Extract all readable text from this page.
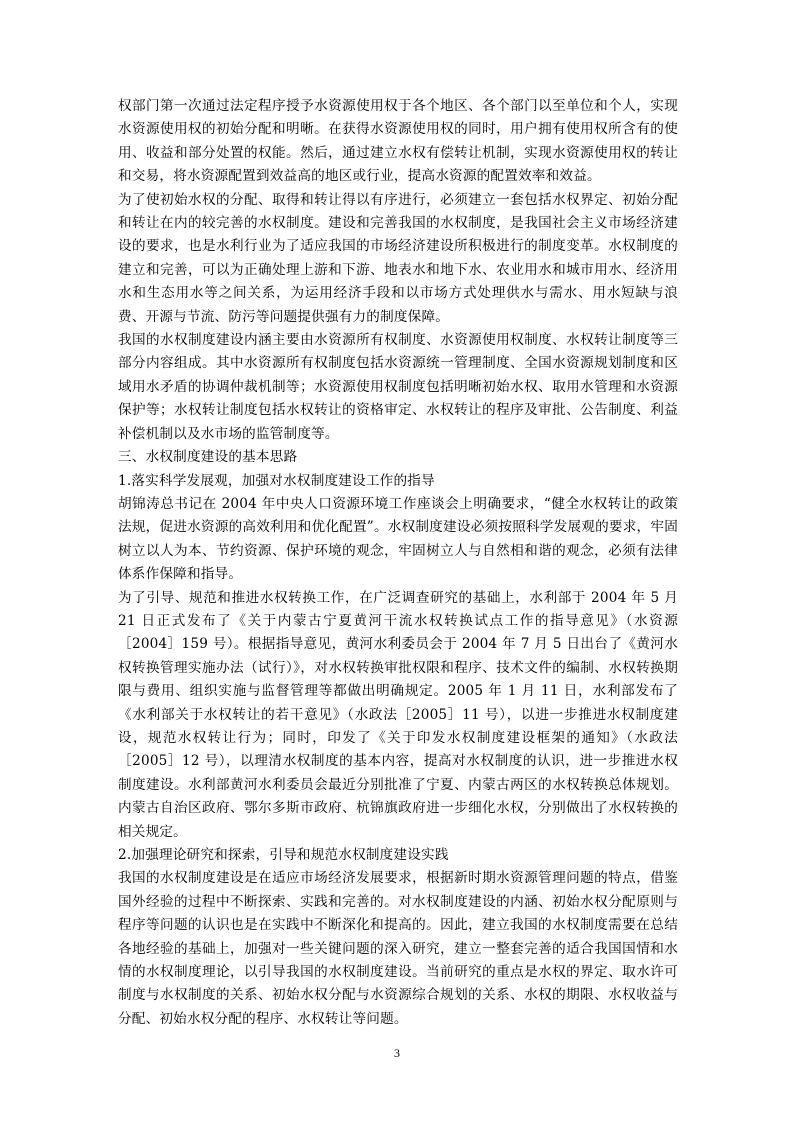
权部门第一次通过法定程序授予水资源使用权于各个地区、各个部门以至单位和个人，实现水资源使用权的初始分配和明晰。在获得水资源使用权的同时，用户拥有使用权所含有的使用、收益和部分处置的权能。然后，通过建立水权有偿转让机制，实现水资源使用权的转让和交易，将水资源配置到效益高的地区或行业，提高水资源的配置效率和效益。

为了使初始水权的分配、取得和转让得以有序进行，必须建立一套包括水权界定、初始分配和转让在内的较完善的水权制度。建设和完善我国的水权制度，是我国社会主义市场经济建设的要求，也是水利行业为了适应我国的市场经济建设所积极进行的制度变革。水权制度的建立和完善，可以为正确处理上游和下游、地表水和地下水、农业用水和城市用水、经济用水和生态用水等之间关系，为运用经济手段和以市场方式处理供水与需水、用水短缺与浪费、开源与节流、防污等问题提供强有力的制度保障。

我国的水权制度建设内涵主要由水资源所有权制度、水资源使用权制度、水权转让制度等三部分内容组成。其中水资源所有权制度包括水资源统一管理制度、全国水资源规划制度和区域用水矛盾的协调仲裁机制等；水资源使用权制度包括明晰初始水权、取用水管理和水资源保护等；水权转让制度包括水权转让的资格审定、水权转让的程序及审批、公告制度、利益补偿机制以及水市场的监管制度等。

三、水权制度建设的基本思路

1.落实科学发展观，加强对水权制度建设工作的指导

胡锦涛总书记在 2004 年中央人口资源环境工作座谈会上明确要求，“健全水权转让的政策法规，促进水资源的高效利用和优化配置”。水权制度建设必须按照科学发展观的要求，牢固树立以人为本、节约资源、保护环境的观念，牢固树立人与自然相和谐的观念，必须有法律体系作保障和指导。

为了引导、规范和推进水权转换工作，在广泛调查研究的基础上，水利部于 2004 年 5 月 21 日正式发布了《关于内蒙古宁夏黄河干流水权转换试点工作的指导意见》（水资源［2004］159 号）。根据指导意见，黄河水利委员会于 2004 年 7 月 5 日出台了《黄河水权转换管理实施办法（试行）》，对水权转换审批权限和程序、技术文件的编制、水权转换期限与费用、组织实施与监督管理等都做出明确规定。2005 年 1 月 11 日，水利部发布了《水利部关于水权转让的若干意见》（水政法［2005］11 号），以进一步推进水权制度建设，规范水权转让行为；同时，印发了《关于印发水权制度建设框架的通知》（水政法［2005］12 号），以理清水权制度的基本内容，提高对水权制度的认识，进一步推进水权制度建设。水利部黄河水利委员会最近分别批准了宁夏、内蒙古两区的水权转换总体规划。内蒙古自治区政府、鄂尔多斯市政府、杭锦旗政府进一步细化水权，分别做出了水权转换的相关规定。

2.加强理论研究和探索，引导和规范水权制度建设实践

我国的水权制度建设是在适应市场经济发展要求，根据新时期水资源管理问题的特点，借鉴国外经验的过程中不断探索、实践和完善的。对水权制度建设的内涵、初始水权分配原则与程序等问题的认识也是在实践中不断深化和提高的。因此，建立我国的水权制度需要在总结各地经验的基础上，加强对一些关键问题的深入研究，建立一整套完善的适合我国国情和水情的水权制度理论，以引导我国的水权制度建设。当前研究的重点是水权的界定、取水许可制度与水权制度的关系、初始水权分配与水资源综合规划的关系、水权的期限、水权收益与分配、初始水权分配的程序、水权转让等问题。

3
